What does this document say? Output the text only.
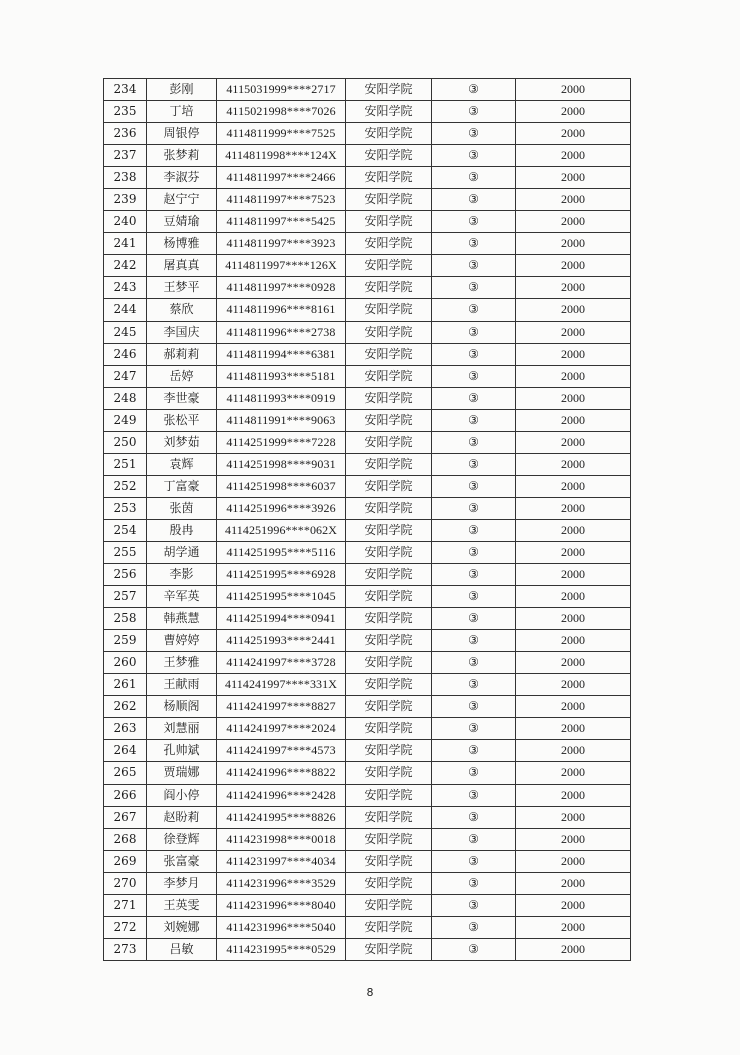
234	彭刚	4115031999****2717	安阳学院	③	2000
235	丁培	4115021998****7026	安阳学院	③	2000
236	周银停	4114811999****7525	安阳学院	③	2000
237	张梦莉	4114811998****124X	安阳学院	③	2000
238	李淑芬	4114811997****2466	安阳学院	③	2000
239	赵宁宁	4114811997****7523	安阳学院	③	2000
240	豆婧瑜	4114811997****5425	安阳学院	③	2000
241	杨博雅	4114811997****3923	安阳学院	③	2000
242	屠真真	4114811997****126X	安阳学院	③	2000
243	王梦平	4114811997****0928	安阳学院	③	2000
244	蔡欣	4114811996****8161	安阳学院	③	2000
245	李国庆	4114811996****2738	安阳学院	③	2000
246	郝莉莉	4114811994****6381	安阳学院	③	2000
247	岳婷	4114811993****5181	安阳学院	③	2000
248	李世豪	4114811993****0919	安阳学院	③	2000
249	张松平	4114811991****9063	安阳学院	③	2000
250	刘梦茹	4114251999****7228	安阳学院	③	2000
251	袁辉	4114251998****9031	安阳学院	③	2000
252	丁富豪	4114251998****6037	安阳学院	③	2000
253	张茵	4114251996****3926	安阳学院	③	2000
254	殷冉	4114251996****062X	安阳学院	③	2000
255	胡学通	4114251995****5116	安阳学院	③	2000
256	李影	4114251995****6928	安阳学院	③	2000
257	辛军英	4114251995****1045	安阳学院	③	2000
258	韩燕慧	4114251994****0941	安阳学院	③	2000
259	曹婷婷	4114251993****2441	安阳学院	③	2000
260	王梦雅	4114241997****3728	安阳学院	③	2000
261	王献雨	4114241997****331X	安阳学院	③	2000
262	杨顺阁	4114241997****8827	安阳学院	③	2000
263	刘慧丽	4114241997****2024	安阳学院	③	2000
264	孔帅斌	4114241997****4573	安阳学院	③	2000
265	贾瑞娜	4114241996****8822	安阳学院	③	2000
266	阎小停	4114241996****2428	安阳学院	③	2000
267	赵盼莉	4114241995****8826	安阳学院	③	2000
268	徐登辉	4114231998****0018	安阳学院	③	2000
269	张富豪	4114231997****4034	安阳学院	③	2000
270	李梦月	4114231996****3529	安阳学院	③	2000
271	王英雯	4114231996****8040	安阳学院	③	2000
272	刘婉娜	4114231996****5040	安阳学院	③	2000
273	吕敏	4114231995****0529	安阳学院	③	2000
8
